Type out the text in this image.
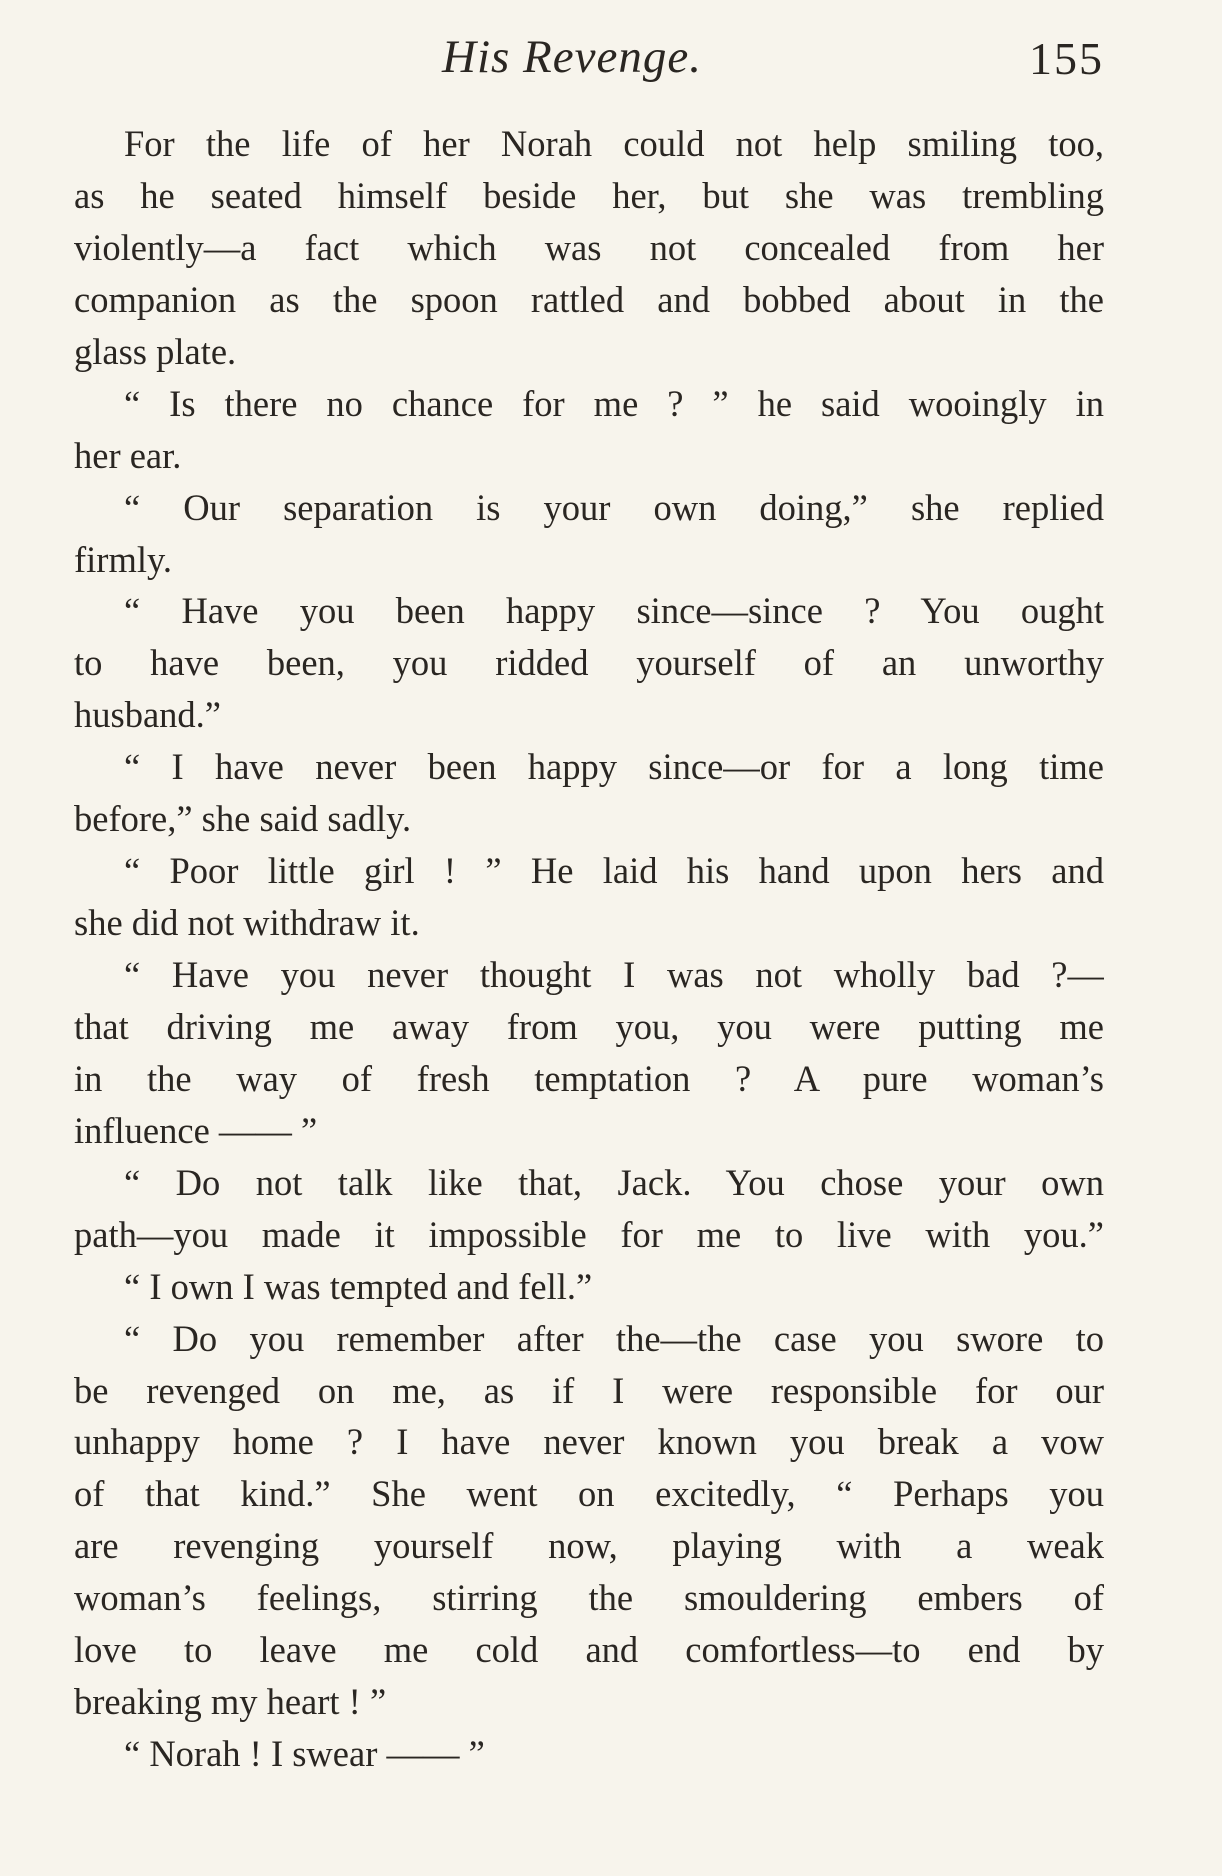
His Revenge.	155
For the life of her Norah could not help smiling too,
as he seated himself beside her, but she was trembling
violently—a fact which was not concealed from her
companion as the spoon rattled and bobbed about in the
glass plate.
“ Is there no chance for me ? ” he said wooingly in
her ear.
“ Our separation is your own doing,” she replied
firmly.
“ Have you been happy since—since ? You ought
to have been, you ridded yourself of an unworthy
husband.”
“ I have never been happy since—or for a long time
before,” she said sadly.
“ Poor little girl ! ” He laid his hand upon hers and
she did not withdraw it.
“ Have you never thought I was not wholly bad ?—
that driving me away from you, you were putting me
in the way of fresh temptation ? A pure woman’s
influence —— ”
“ Do not talk like that, Jack. You chose your own
path—you made it impossible for me to live with you.”
“ I own I was tempted and fell.”
“ Do you remember after the—the case you swore to
be revenged on me, as if I were responsible for our
unhappy home ? I have never known you break a vow
of that kind.” She went on excitedly, “ Perhaps you
are revenging yourself now, playing with a weak
woman’s feelings, stirring the smouldering embers of
love to leave me cold and comfortless—to end by
breaking my heart ! ”
“ Norah ! I swear —— ”
